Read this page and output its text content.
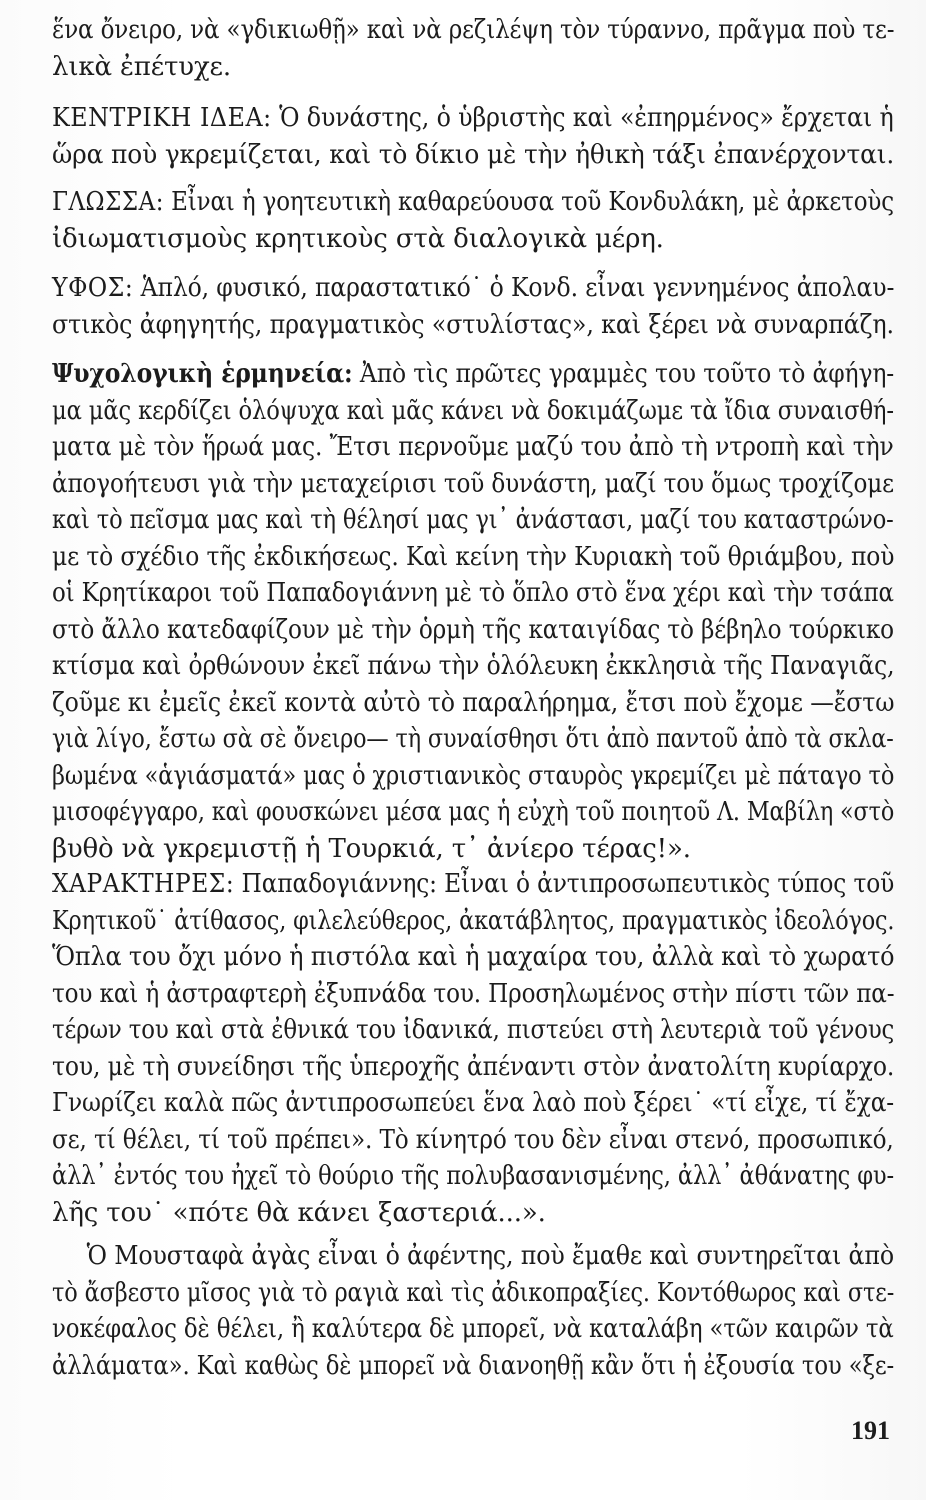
ἕνα ὄνειρο, νὰ «γδικιωθῇ» καὶ νὰ ρεζιλέψη τὸν τύραννο, πρᾶγμα ποὺ τε-
λικὰ ἐπέτυχε.
ΚΕΝΤΡΙΚΗ ΙΔΕΑ: Ὁ δυνάστης, ὁ ὑβριστὴς καὶ «ἐπηρμένος» ἔρχεται ἡ
ὥρα ποὺ γκρεμίζεται, καὶ τὸ δίκιο μὲ τὴν ἠθικὴ τάξι ἐπανέρχονται.
ΓΛΩΣΣΑ: Εἶναι ἡ γοητευτικὴ καθαρεύουσα τοῦ Κονδυλάκη, μὲ ἀρκετοὺς
ἰδιωματισμοὺς κρητικοὺς στὰ διαλογικὰ μέρη.
ΥΦΟΣ: Ἁπλό, φυσικό, παραστατικό˙ ὁ Κονδ. εἶναι γεννημένος ἀπολαυ-
στικὸς ἀφηγητής, πραγματικὸς «στυλίστας», καὶ ξέρει νὰ συναρπάζη.
Ψυχολογικὴ ἑρμηνεία: Ἀπὸ τὶς πρῶτες γραμμὲς του τοῦτο τὸ ἀφήγη-
μα μᾶς κερδίζει ὁλόψυχα καὶ μᾶς κάνει νὰ δοκιμάζωμε τὰ ἴδια συναισθή-
ματα μὲ τὸν ἥρωά μας. Ἔτσι περνοῦμε μαζύ του ἀπὸ τὴ ντροπὴ καὶ τὴν
ἀπογοήτευσι γιὰ τὴν μεταχείρισι τοῦ δυνάστη, μαζί του ὅμως τροχίζομε
καὶ τὸ πεῖσμα μας καὶ τὴ θέλησί μας γι᾿ ἀνάστασι, μαζί του καταστρώνο-
με τὸ σχέδιο τῆς ἐκδικήσεως. Καὶ κείνη τὴν Κυριακὴ τοῦ θριάμβου, ποὺ
οἱ Κρητίκαροι τοῦ Παπαδογιάννη μὲ τὸ ὅπλο στὸ ἕνα χέρι καὶ τὴν τσάπα
στὸ ἄλλο κατεδαφίζουν μὲ τὴν ὁρμὴ τῆς καταιγίδας τὸ βέβηλο τούρκικο
κτίσμα καὶ ὀρθώνουν ἐκεῖ πάνω τὴν ὁλόλευκη ἐκκλησιὰ τῆς Παναγιᾶς,
ζοῦμε κι ἐμεῖς ἐκεῖ κοντὰ αὐτὸ τὸ παραλήρημα, ἔτσι ποὺ ἔχομε —ἔστω
γιὰ λίγο, ἔστω σὰ σὲ ὄνειρο— τὴ συναίσθησι ὅτι ἀπὸ παντοῦ ἀπὸ τὰ σκλα-
βωμένα «ἁγιάσματά» μας ὁ χριστιανικὸς σταυρὸς γκρεμίζει μὲ πάταγο τὸ
μισοφέγγαρο, καὶ φουσκώνει μέσα μας ἡ εὐχὴ τοῦ ποιητοῦ Λ. Μαβίλη «στὸ
βυθὸ νὰ γκρεμιστῇ ἡ Τουρκιά, τ᾿ ἀνίερο τέρας!».
ΧΑΡΑΚΤΗΡΕΣ: Παπαδογιάννης: Εἶναι ὁ ἀντιπροσωπευτικὸς τύπος τοῦ
Κρητικοῦ˙ ἀτίθασος, φιλελεύθερος, ἀκατάβλητος, πραγματικὸς ἰδεολόγος.
Ὅπλα του ὄχι μόνο ἡ πιστόλα καὶ ἡ μαχαίρα του, ἀλλὰ καὶ τὸ χωρατό
του καὶ ἡ ἀστραφτερὴ ἐξυπνάδα του. Προσηλωμένος στὴν πίστι τῶν πα-
τέρων του καὶ στὰ ἐθνικά του ἰδανικά, πιστεύει στὴ λευτεριὰ τοῦ γένους
του, μὲ τὴ συνείδησι τῆς ὑπεροχῆς ἀπέναντι στὸν ἀνατολίτη κυρίαρχο.
Γνωρίζει καλὰ πῶς ἀντιπροσωπεύει ἕνα λαὸ ποὺ ξέρει˙ «τί εἶχε, τί ἔχα-
σε, τί θέλει, τί τοῦ πρέπει». Τὸ κίνητρό του δὲν εἶναι στενό, προσωπικό,
ἀλλ᾿ ἐντός του ἠχεῖ τὸ θούριο τῆς πολυβασανισμένης, ἀλλ᾿ ἀθάνατης φυ-
λῆς του˙ «πότε θὰ κάνει ξαστεριά...».
Ὁ Μουσταφὰ ἀγὰς εἶναι ὁ ἀφέντης, ποὺ ἔμαθε καὶ συντηρεῖται ἀπὸ
τὸ ἄσβεστο μῖσος γιὰ τὸ ραγιὰ καὶ τὶς ἀδικοπραξίες. Κοντόθωρος καὶ στε-
νοκέφαλος δὲ θέλει, ἢ καλύτερα δὲ μπορεῖ, νὰ καταλάβη «τῶν καιρῶν τὰ
ἀλλάματα». Καὶ καθὼς δὲ μπορεῖ νὰ διανοηθῇ κἂν ὅτι ἡ ἐξουσία του «ξε-
191
